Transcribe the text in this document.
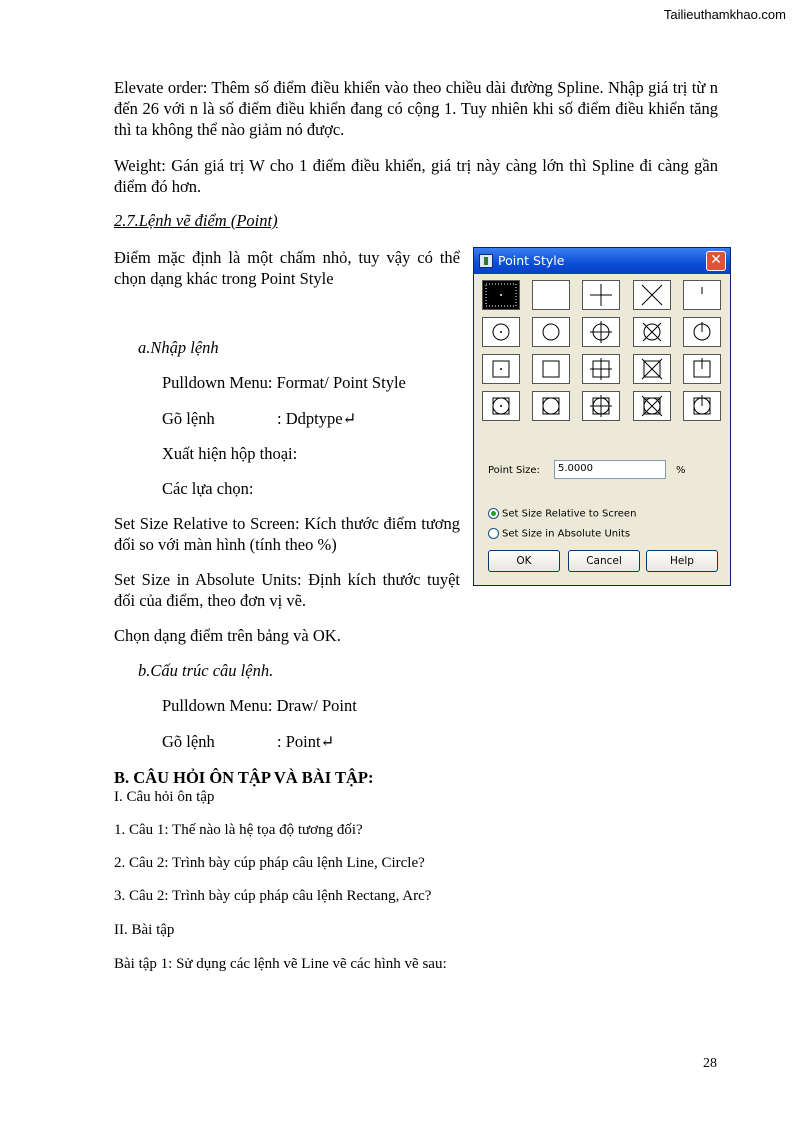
Tailieuthamkhao.com
Elevate order: Thêm số điểm điều khiển vào theo chiều dài đường Spline. Nhập giá trị từ n đến 26 với n là số điểm điều khiển đang có cộng 1. Tuy nhiên khi số điểm điều khiển tăng thì ta không thể nào giảm nó được.
Weight: Gán giá trị W cho 1 điểm điều khiển, giá trị này càng lớn thì Spline đi càng gần điểm đó hơn.
2.7.Lệnh vẽ điểm (Point)
Điểm mặc định là một chấm nhỏ, tuy vậy có thể chọn dạng khác trong Point Style
a.Nhập lệnh
Pulldown Menu: Format/ Point Style
Gõ lệnh	: Ddptype↵
Xuất hiện hộp thoại:
Các lựa chọn:
Set Size Relative to Screen: Kích thước điểm tương đối so với màn hình (tính theo %)
Set Size in Absolute Units: Định kích thước tuyệt đối của điểm, theo đơn vị vẽ.
Chọn dạng điểm trên bảng và OK.
b.Cấu trúc câu lệnh.
Pulldown Menu: Draw/ Point
Gõ lệnh	: Point↵
B. CÂU HỎI ÔN TẬP VÀ BÀI TẬP:
I. Câu hỏi ôn tập
1. Câu 1: Thế nào là hệ tọa độ tương đối?
2. Câu 2: Trình bày cúp pháp câu lệnh Line, Circle?
3. Câu 2: Trình bày cúp pháp câu lệnh Rectang, Arc?
II. Bài tập
Bài tập 1: Sử dụng các lệnh vẽ Line vẽ các hình vẽ sau:
Point Style	✕
Point Size:	5.0000	%
Set Size Relative to Screen
Set Size in Absolute Units
OK	Cancel	Help
28
